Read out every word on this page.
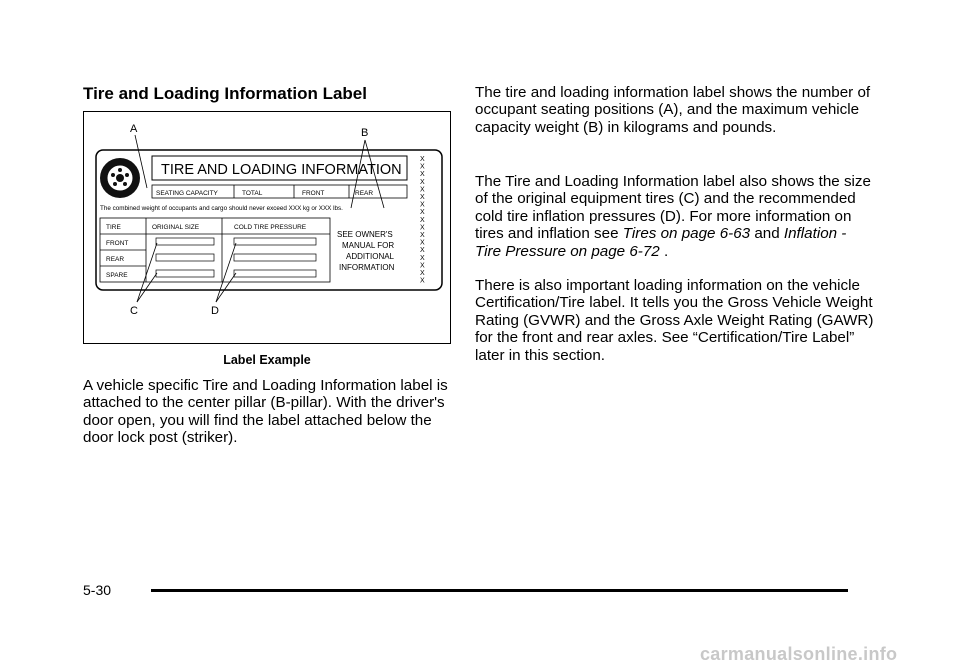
Tire and Loading Information Label
TIRE AND LOADING INFORMATION
SEATING CAPACITY	TOTAL	FRONT	REAR
The combined weight of occupants and cargo should never exceed XXX kg or XXX lbs.
TIRE	ORIGINAL SIZE	COLD TIRE PRESSURE
FRONT
REAR
SPARE
SEE OWNER'S
MANUAL FOR
ADDITIONAL
INFORMATION
X
X
X
X
X
X
X
X
X
X
X
X
X
X
X
X
X
A	B
C	D
Label Example

A vehicle specific Tire and Loading Information label is attached to the center pillar (B-pillar). With the driver's door open, you will find the label attached below the door lock post (striker).

The tire and loading information label shows the number of occupant seating positions (A), and the maximum vehicle capacity weight (B) in kilograms and pounds.

The Tire and Loading Information label also shows the size of the original equipment tires (C) and the recommended cold tire inflation pressures (D). For more information on tires and inflation see Tires on page 6-63 and Inflation - Tire Pressure on page 6-72 .

There is also important loading information on the vehicle Certification/Tire label. It tells you the Gross Vehicle Weight Rating (GVWR) and the Gross Axle Weight Rating (GAWR) for the front and rear axles. See “Certification/Tire Label” later in this section.

5-30
carmanualsonline.info
